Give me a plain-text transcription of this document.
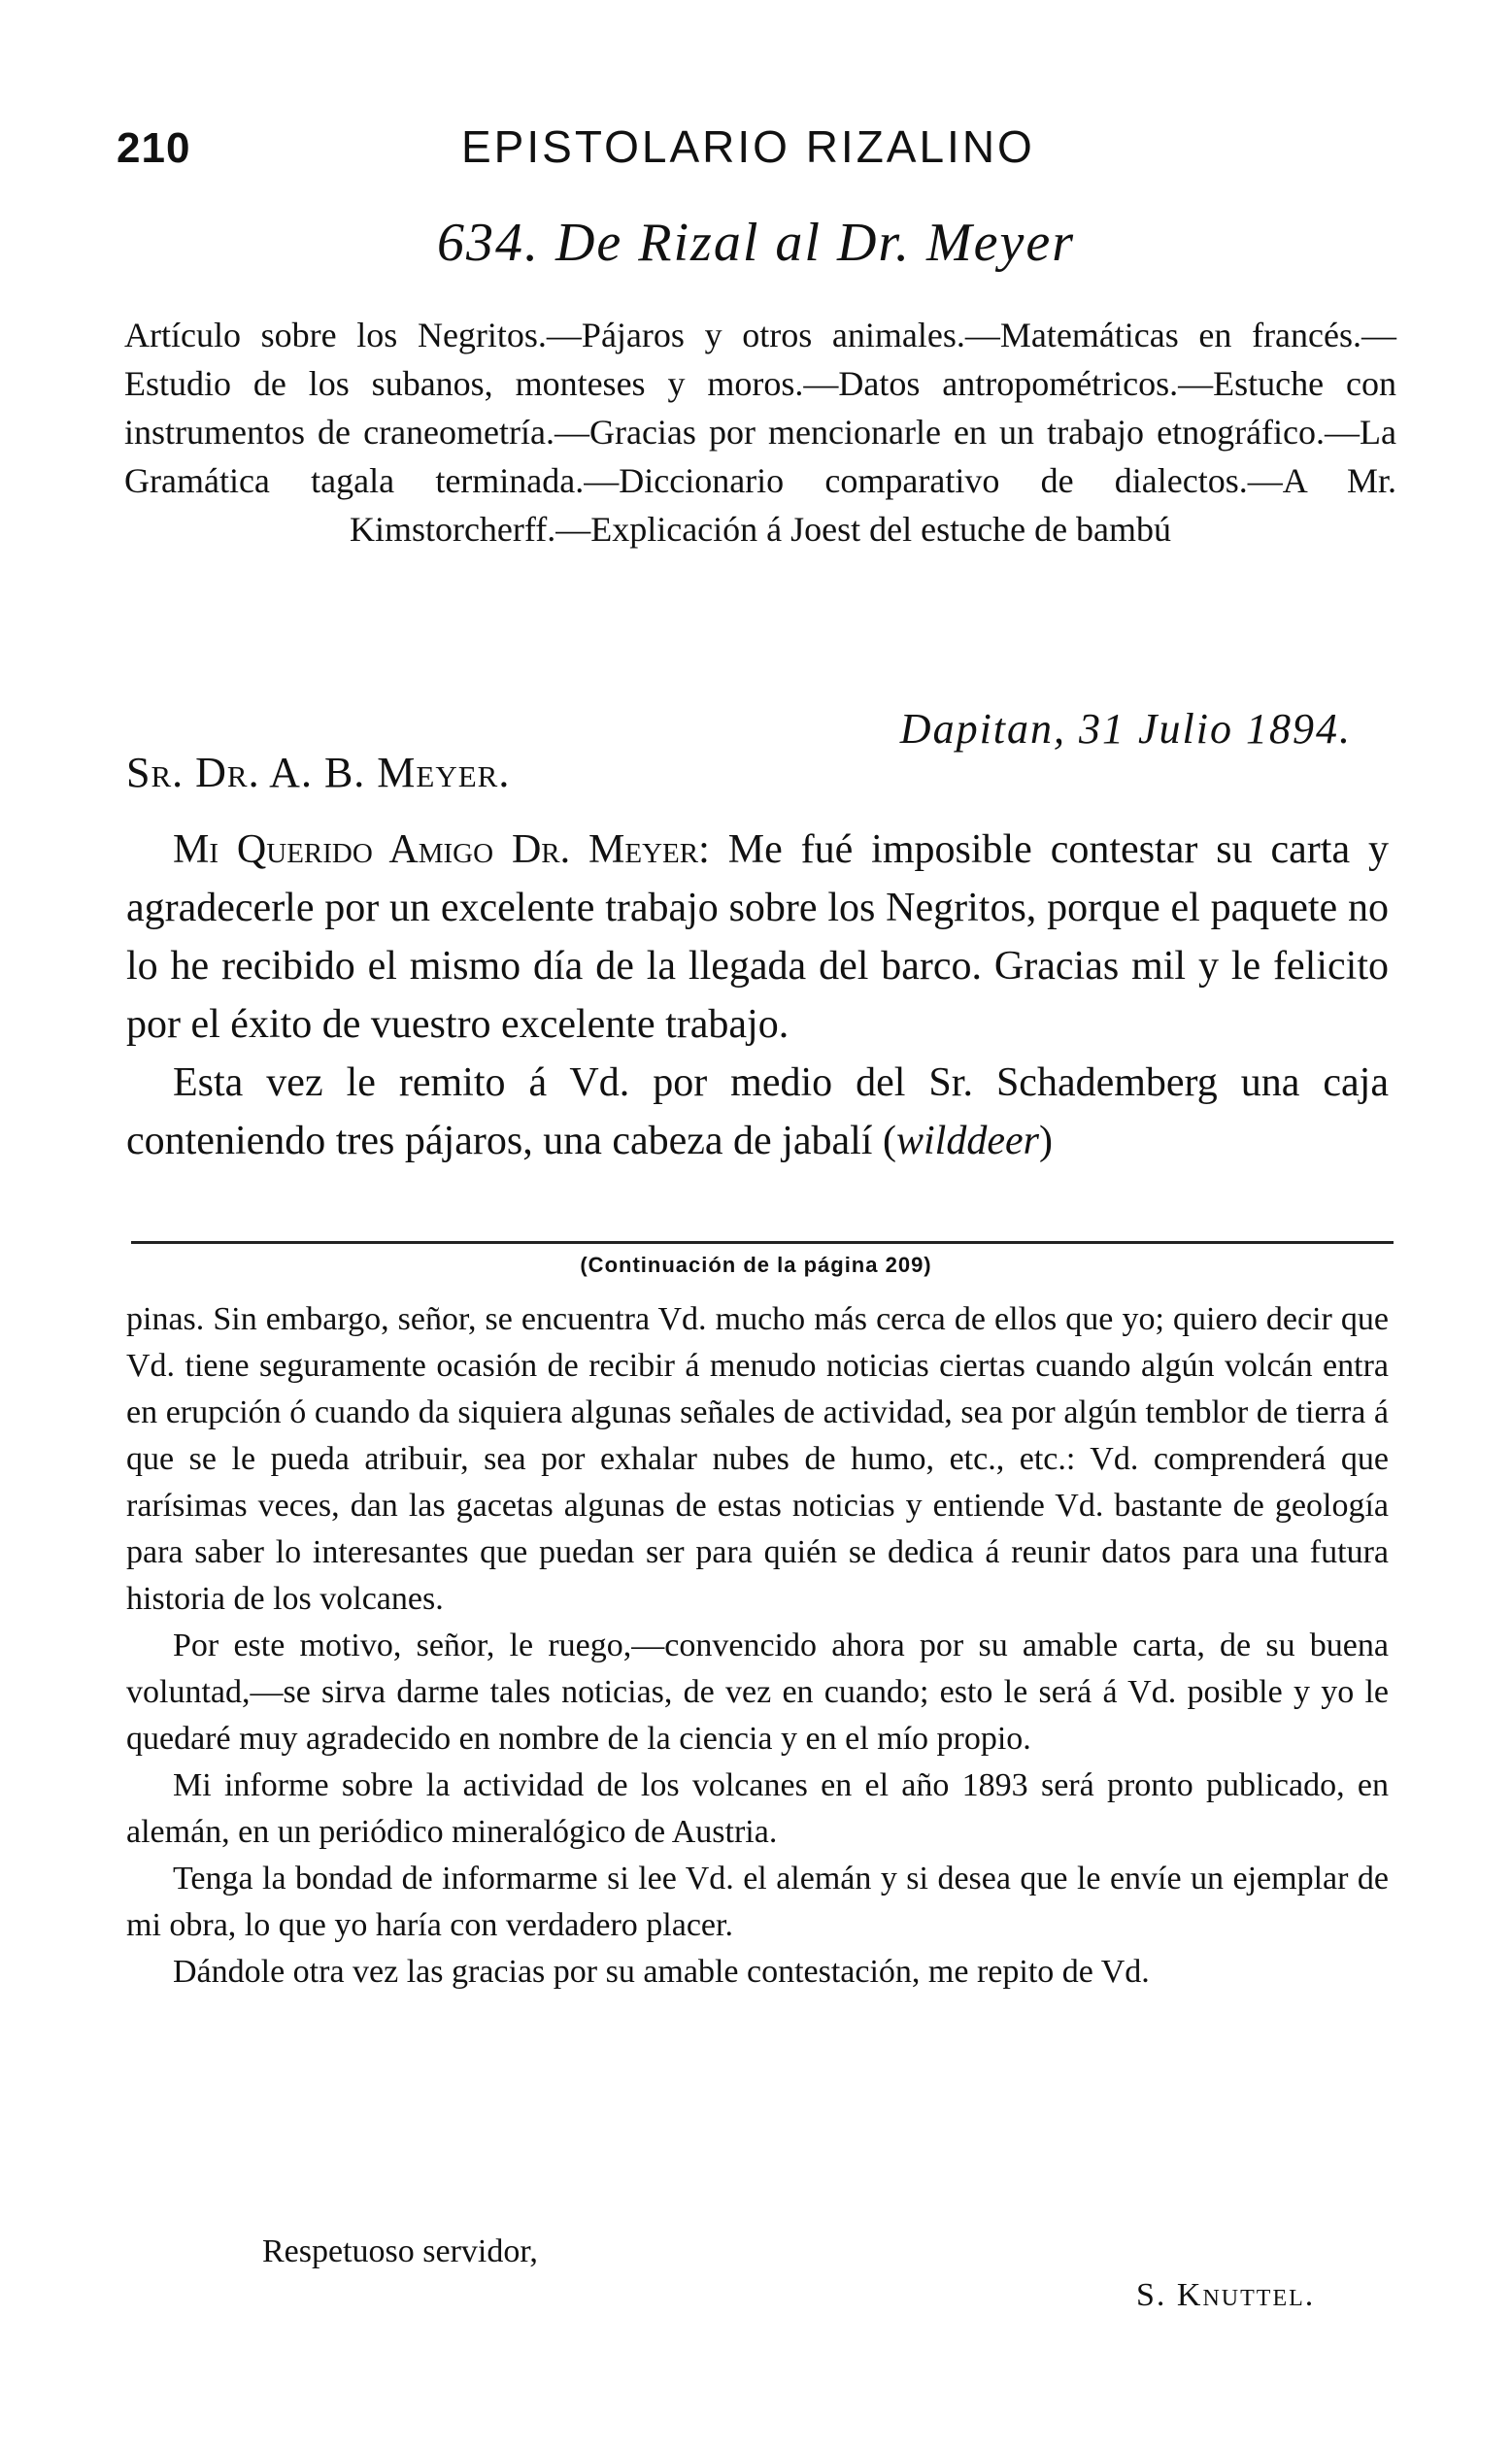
210	EPISTOLARIO RIZALINO
634. De Rizal al Dr. Meyer
Artículo sobre los Negritos.—Pájaros y otros animales.—Matemáticas en francés.—Estudio de los subanos, monteses y moros.—Datos antropométricos.—Estuche con instrumentos de craneometría.—Gracias por mencionarle en un trabajo etnográfico.—La Gramática tagala terminada.—Diccionario comparativo de dialectos.—A Mr. Kimstorcherff.—Explicación á Joest del estuche de bambú
Dapitan, 31 Julio 1894.
Sr. Dr. A. B. Meyer.

Mi Querido Amigo Dr. Meyer: Me fué imposible contestar su carta y agradecerle por un excelente trabajo sobre los Negritos, porque el paquete no lo he recibido el mismo día de la llegada del barco. Gracias mil y le felicito por el éxito de vuestro excelente trabajo.

Esta vez le remito á Vd. por medio del Sr. Schademberg una caja conteniendo tres pájaros, una cabeza de jabalí (wilddeer)

(Continuación de la página 209)

pinas. Sin embargo, señor, se encuentra Vd. mucho más cerca de ellos que yo; quiero decir que Vd. tiene seguramente ocasión de recibir á menudo noticias ciertas cuando algún volcán entra en erupción ó cuando da siquiera algunas señales de actividad, sea por algún temblor de tierra á que se le pueda atribuir, sea por exhalar nubes de humo, etc., etc.: Vd. comprenderá que rarísimas veces, dan las gacetas algunas de estas noticias y entiende Vd. bastante de geología para saber lo interesantes que puedan ser para quién se dedica á reunir datos para una futura historia de los volcanes.

Por este motivo, señor, le ruego,—convencido ahora por su amable carta, de su buena voluntad,—se sirva darme tales noticias, de vez en cuando; esto le será á Vd. posible y yo le quedaré muy agradecido en nombre de la ciencia y en el mío propio.

Mi informe sobre la actividad de los volcanes en el año 1893 será pronto publicado, en alemán, en un periódico mineralógico de Austria.

Tenga la bondad de informarme si lee Vd. el alemán y si desea que le envíe un ejemplar de mi obra, lo que yo haría con verdadero placer.

Dándole otra vez las gracias por su amable contestación, me repito de Vd.

Respetuoso servidor,
S. Knuttel.
